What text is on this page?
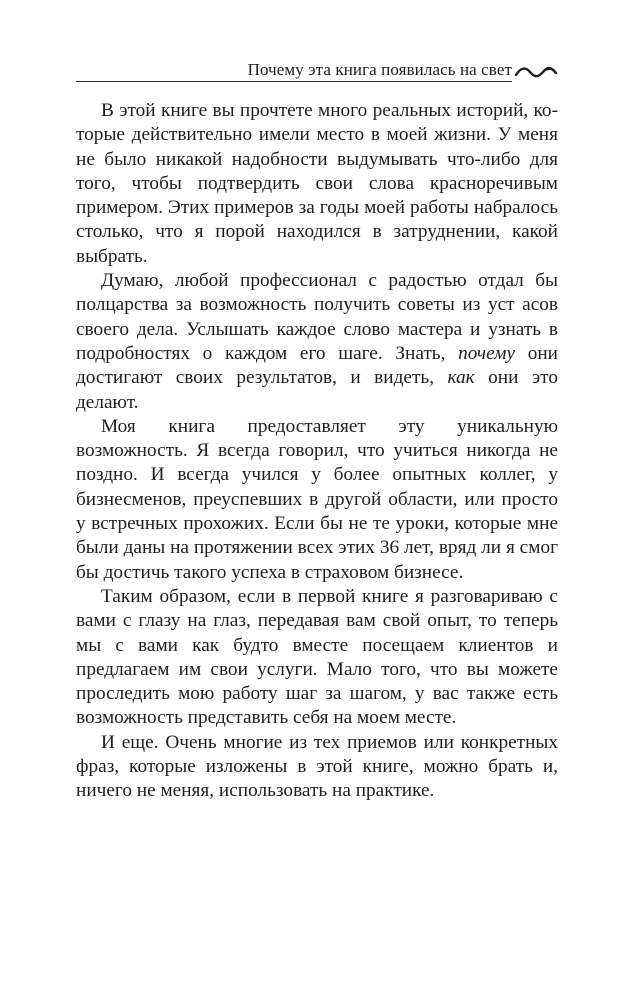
Почему эта книга появилась на свет

В этой книге вы прочтете много реальных историй, которые действительно имели место в моей жизни. У меня не было никакой надобности выдумывать что-либо для того, чтобы подтвердить свои слова красноречивым примером. Этих примеров за годы моей работы набралось столько, что я порой находился в затруднении, какой выбрать.

Думаю, любой профессионал с радостью отдал бы полцарства за возможность получить советы из уст асов своего дела. Услышать каждое слово мастера и узнать в подробностях о каждом его шаге. Знать, почему они достигают своих результатов, и видеть, как они это делают.

Моя книга предоставляет эту уникальную возможность. Я всегда говорил, что учиться никогда не поздно. И всегда учился у более опытных коллег, у бизнесменов, преуспевших в другой области, или просто у встречных прохожих. Если бы не те уроки, которые мне были даны на протяжении всех этих 36 лет, вряд ли я смог бы достичь такого успеха в страховом бизнесе.

Таким образом, если в первой книге я разговариваю с вами с глазу на глаз, передавая вам свой опыт, то теперь мы с вами как будто вместе посещаем клиентов и предлагаем им свои услуги. Мало того, что вы можете проследить мою работу шаг за шагом, у вас также есть возможность представить себя на моем месте.

И еще. Очень многие из тех приемов или конкретных фраз, которые изложены в этой книге, можно брать и, ничего не меняя, использовать на практике.
